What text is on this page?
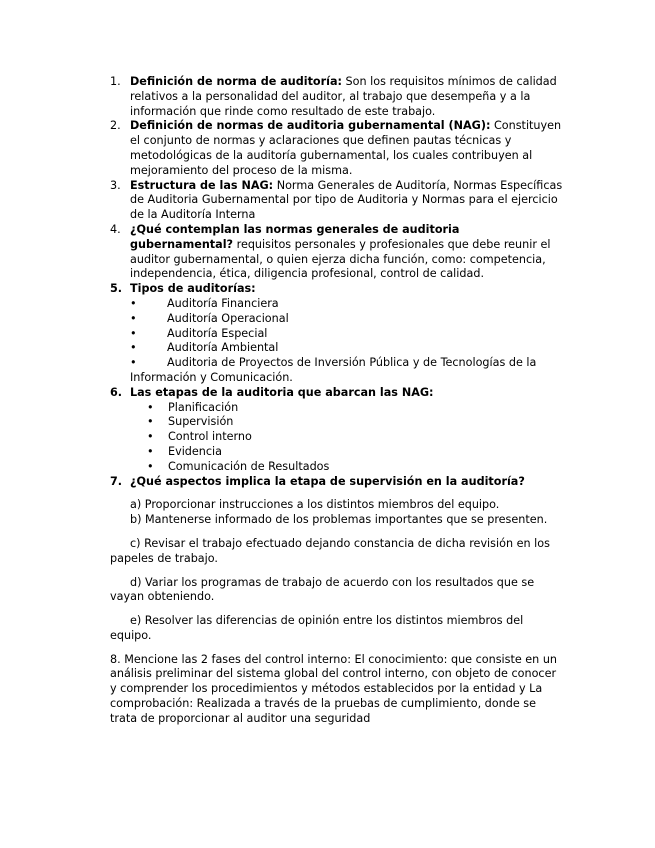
1. Definición de norma de auditoría: Son los requisitos mínimos de calidad relativos a la personalidad del auditor, al trabajo que desempeña y a la información que rinde como resultado de este trabajo.
2. Definición de normas de auditoria gubernamental (NAG): Constituyen el conjunto de normas y aclaraciones que definen pautas técnicas y metodológicas de la auditoría gubernamental, los cuales contribuyen al mejoramiento del proceso de la misma.
3. Estructura de las NAG: Norma Generales de Auditoría, Normas Específicas de Auditoria Gubernamental por tipo de Auditoria y Normas para el ejercicio de la Auditoría Interna
4. ¿Qué contemplan las normas generales de auditoria gubernamental? requisitos personales y profesionales que debe reunir el auditor gubernamental, o quien ejerza dicha función, como: competencia, independencia, ética, diligencia profesional, control de calidad.
5. Tipos de auditorías:
•	Auditoría Financiera
•	Auditoría Operacional
•	Auditoría Especial
•	Auditoría Ambiental
•	Auditoria de Proyectos de Inversión Pública y de Tecnologías de la Información y Comunicación.
6. Las etapas de la auditoria que abarcan las NAG:
• Planificación
• Supervisión
• Control interno
• Evidencia
• Comunicación de Resultados
7. ¿Qué aspectos implica la etapa de supervisión en la auditoría?
a) Proporcionar instrucciones a los distintos miembros del equipo.
b) Mantenerse informado de los problemas importantes que se presenten.
c) Revisar el trabajo efectuado dejando constancia de dicha revisión en los papeles de trabajo.
d) Variar los programas de trabajo de acuerdo con los resultados que se vayan obteniendo.
e) Resolver las diferencias de opinión entre los distintos miembros del equipo.
8. Mencione las 2 fases del control interno: El conocimiento: que consiste en un análisis preliminar del sistema global del control interno, con objeto de conocer y comprender los procedimientos y métodos establecidos por la entidad y La comprobación: Realizada a través de la pruebas de cumplimiento, donde se trata de proporcionar al auditor una seguridad
